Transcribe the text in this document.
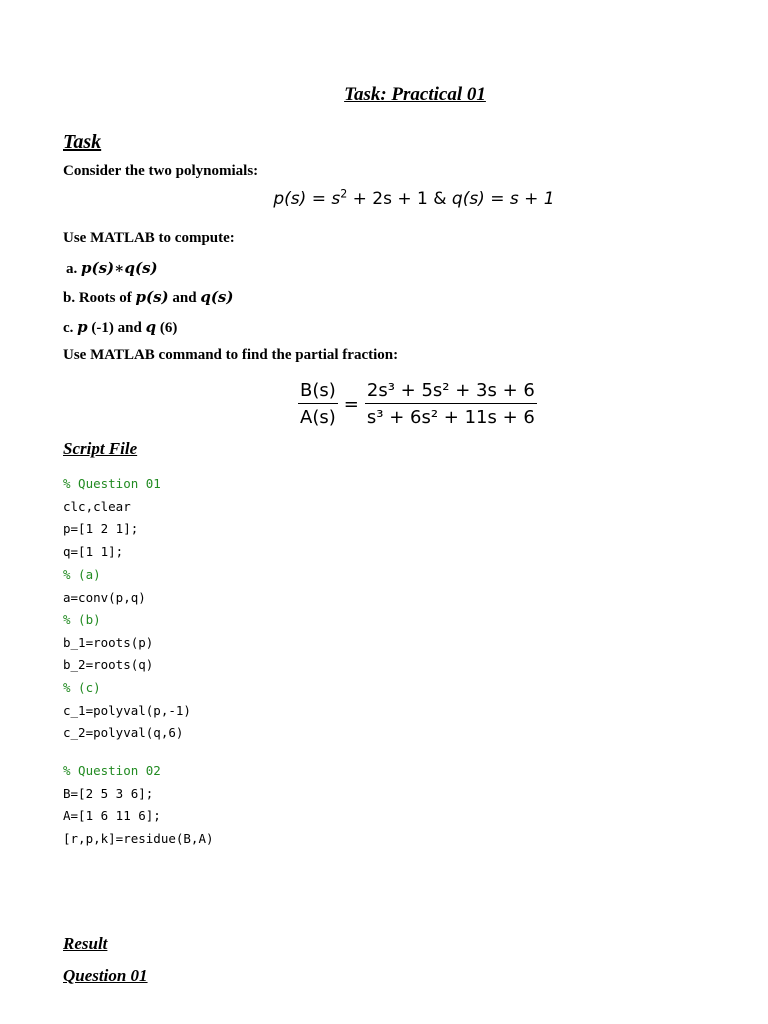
Task: Practical 01
Task
Consider the two polynomials:
$p(s) = s^2 + 2s + 1$ & q(s) = s + 1
Use MATLAB to compute:
a. p(s)∗q(s)
b. Roots of p(s) and q(s)
c. p (-1) and q (6)
Use MATLAB command to find the partial fraction:
$\frac{B(s)}{A(s)} = \frac{\text{2s³ + 5s² + 3s + 6}}{\text{s³ + 6s² + 11s + 6}}$
Script File
% Question 01
clc,clear
p=[1 2 1];
q=[1 1];
% (a)
a=conv(p,q)
% (b)
b_1=roots(p)
b_2=roots(q)
% (c)
c_1=polyval(p,-1)
c_2=polyval(q,6)
% Question 02
B=[2 5 3 6];
A=[1 6 11 6];
[r,p,k]=residue(B,A)
Result
Question 01
